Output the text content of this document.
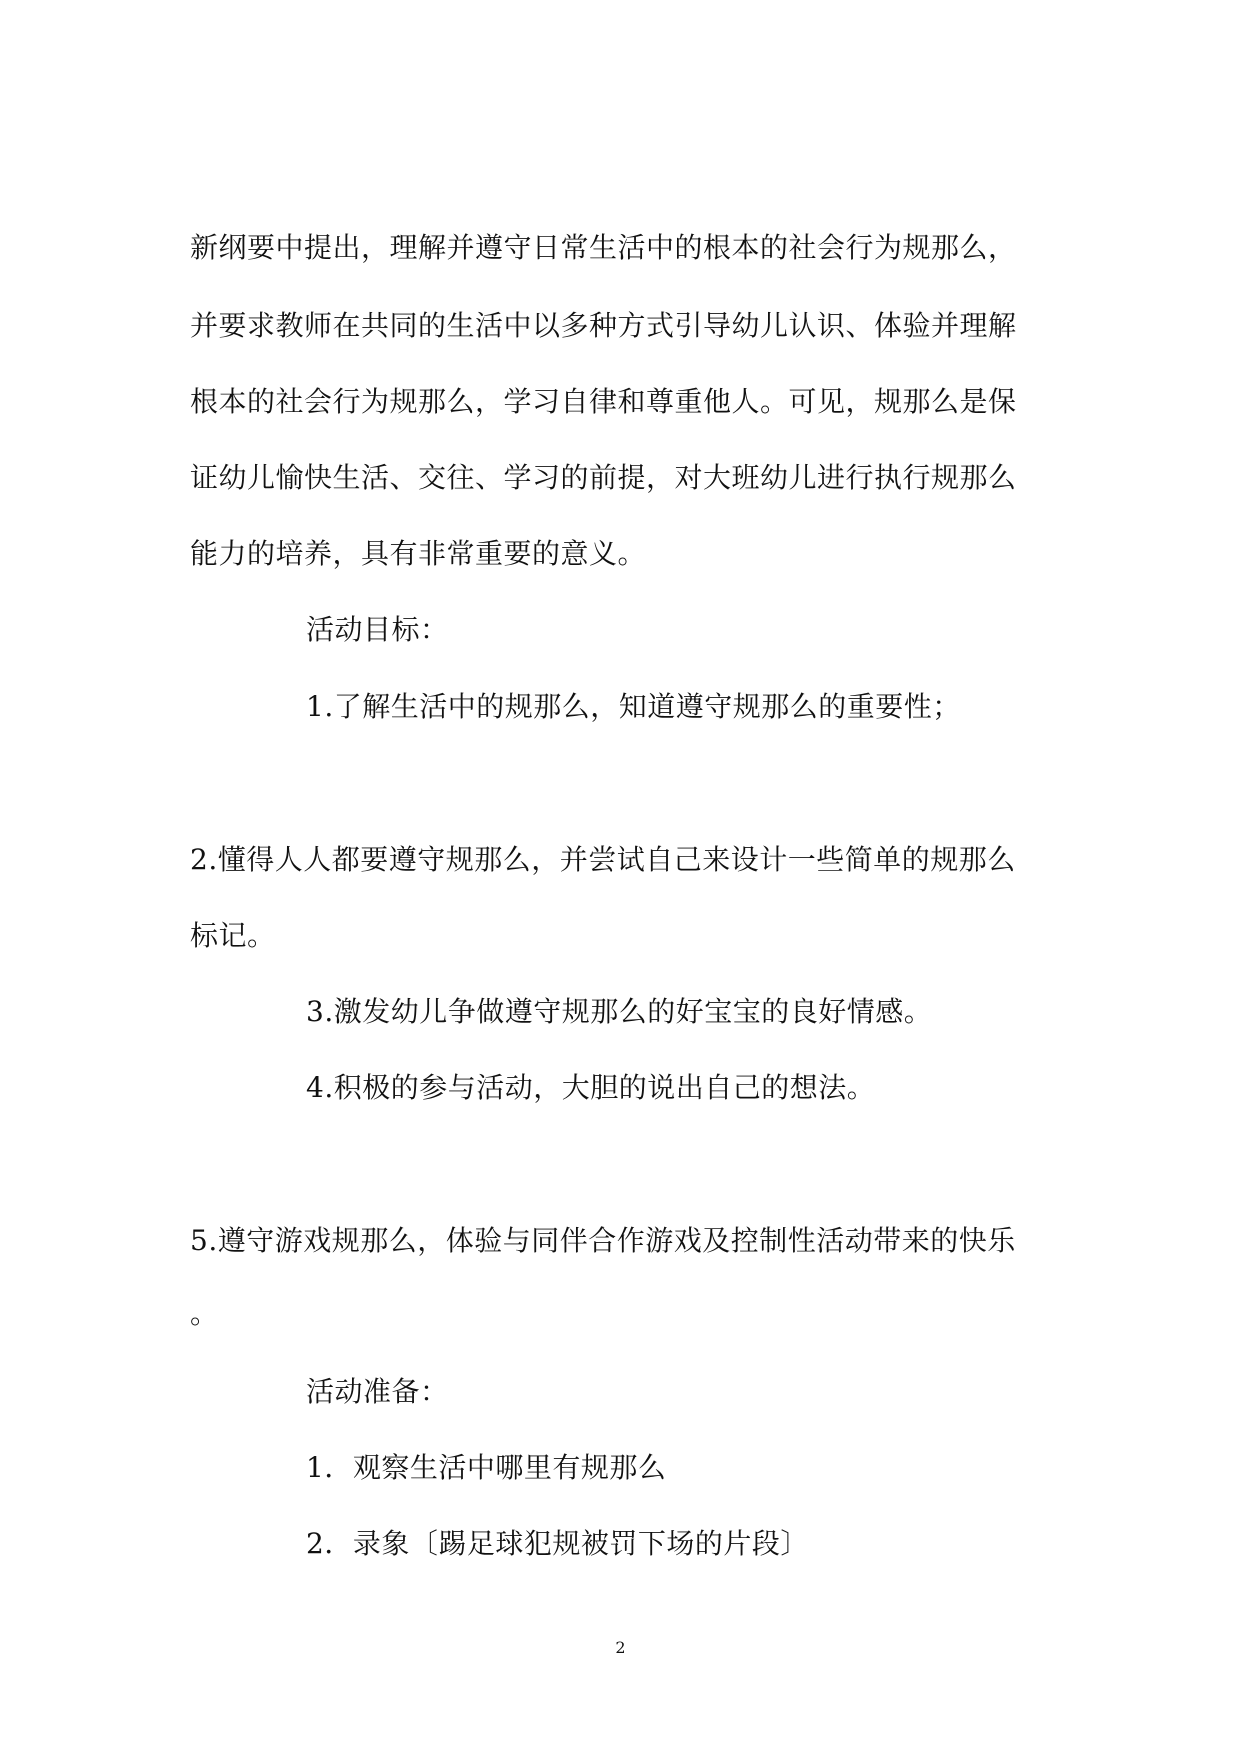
新纲要中提出，理解并遵守日常生活中的根本的社会行为规那么，
并要求教师在共同的生活中以多种方式引导幼儿认识、体验并理解
根本的社会行为规那么，学习自律和尊重他人。可见，规那么是保
证幼儿愉快生活、交往、学习的前提，对大班幼儿进行执行规那么
能力的培养，具有非常重要的意义。
活动目标：
1.了解生活中的规那么，知道遵守规那么的重要性；
2.懂得人人都要遵守规那么，并尝试自己来设计一些简单的规那么
标记。
3.激发幼儿争做遵守规那么的好宝宝的良好情感。
4.积极的参与活动，大胆的说出自己的想法。
5.遵守游戏规那么，体验与同伴合作游戏及控制性活动带来的快乐
。
活动准备：
1．观察生活中哪里有规那么
2．录象〔踢足球犯规被罚下场的片段〕
2
